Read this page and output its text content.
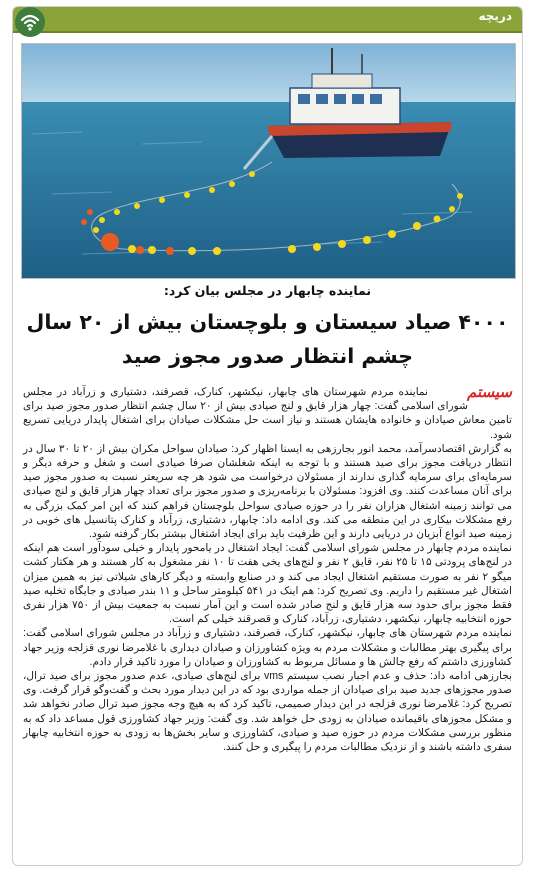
دریچه
نماینده چابهار در مجلس بیان کرد:
۴۰۰۰ صیاد سیستان و بلوچستان بیش از ۲۰ سال
چشم انتظار صدور مجوز صید
سیستم

نماینده مردم شهرستان های چابهار، نیکشهر، کنارک، قصرقند، دشتیاری و زرآباد در مجلس شورای اسلامی گفت: چهار هزار قایق و لنج صیادی بیش از ۲۰ سال چشم انتظار صدور مجوز صید برای تامین معاش صیادان و خانواده هایشان هستند و نیاز است حل مشکلات صیادان برای اشتغال پایدار دریایی تسریع شود.

به گزارش اقتصادسرآمد، محمد انور بجارزهی به ایسنا اظهار کرد: صیادان سواحل مکران بیش از ۲۰ تا ۳۰ سال در انتظار دریافت مجوز برای صید هستند و با توجه به اینکه شغلشان صرفا صیادی است و شغل و حرفه دیگر و سرمایه‌ای برای سرمایه گذاری ندارند از مسئولان درخواست می شود هر چه سریعتر نسبت به صدور مجوز صید برای آنان مساعدت کنند. وی افزود: مسئولان با برنامه‌ریزی و صدور مجوز برای تعداد چهار هزار قایق و لنج صیادی می توانند زمینه اشتغال هزاران نفر را در حوزه صیادی سواحل بلوچستان فراهم کنند که این امر کمک بزرگی به رفع مشکلات بیکاری در این منطقه می کند. وی ادامه داد: چابهار، دشتیاری، زرآباد و کنارک پتانسیل های خوبی در زمینه صید انواع آبزیان در دریایی دارند و این ظرفیت باید برای ایجاد اشتغال بیشتر بکار گرفته شود.

نماینده مردم چابهار در مجلس شورای اسلامی گفت: ایجاد اشتغال در یامحور پایدار و خیلی سودآور است هم اینکه در لنج‌های پرودتی ۱۵ تا ۲۵ نفر، قایق ۲ نفر و لنج‌های یخی هفت تا ۱۰ نفر مشغول به کار هستند و هر هکتار کشت میگو ۲ نفر به صورت مستقیم اشتغال ایجاد می کند و در صنایع وابسته و دیگر کارهای شیلاتی نیز به همین میزان اشتغال غیر مستقیم را داریم. وی تصریح کرد: هم اینک در ۵۴۱ کیلومتر ساحل و ۱۱ بندر صیادی و جایگاه تخلیه صید فقط مجوز برای حدود سه هزار قایق و لنج صادر شده است و این آمار نسبت به جمعیت بیش از ۷۵۰ هزار نفری حوزه انتخابیه چابهار، نیکشهر، دشتیاری، زرآباد، کنارک و قصرقند خیلی کم است.

نماینده مردم شهرستان های چابهار، نیکشهر، کنارک، قصرقند، دشتیاری و زرآباد در مجلس شورای اسلامی گفت: برای پیگیری بهتر مطالبات و مشکلات مردم به ویژه کشاورزان و صیادان دیداری با غلامرضا نوری قزلجه وزیر جهاد کشاورزی داشتم که رفع چالش ها و مسائل مربوط به کشاورزان و صیادان را مورد تاکید قرار دادم.

بجارزهی ادامه داد: حذف و عدم اجبار نصب سیستم vms برای لنج‌های صیادی، عدم صدور مجوز برای صید ترال، صدور مجوزهای جدید صید برای صیادان از جمله مواردی بود که در این دیدار مورد بحث و گفت‌وگو قرار گرفت. وی تصریح کرد: غلامرضا نوری قزلجه در این دیدار صمیمی، تاکید کرد که به هیچ وجه مجوز صید ترال صادر نخواهد شد و مشکل مجوزهای باقیمانده صیادان به زودی حل خواهد شد. وی گفت: وزیر جهاد کشاورزی قول مساعد داد که به منظور بررسی مشکلات مردم در حوزه صید و صیادی، کشاورزی و سایر بخش‌ها به زودی به حوزه انتخابیه چابهار سفری داشته باشند و از نزدیک مطالبات مردم را پیگیری و حل کنند.
